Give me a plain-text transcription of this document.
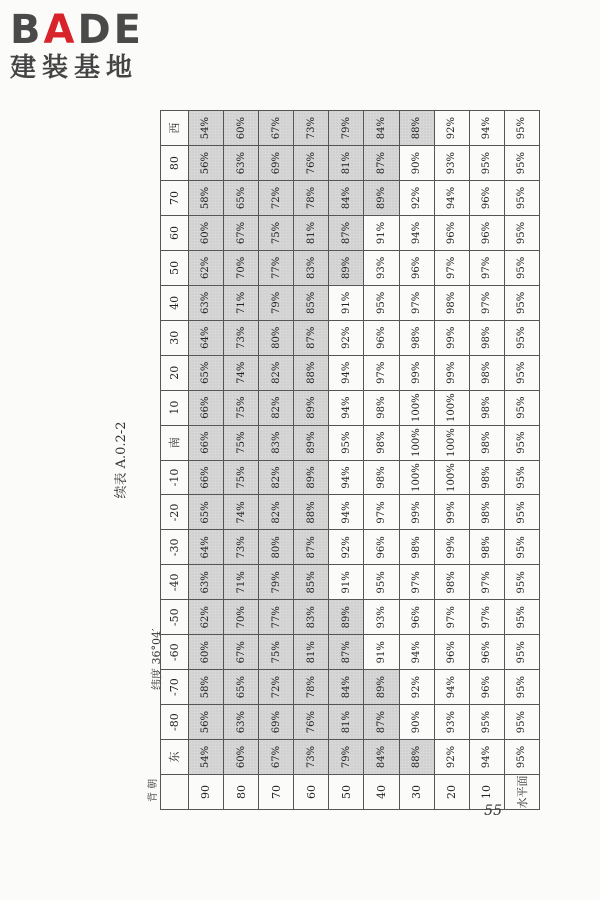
BADE
建装基地
续表 A.0.2-2
背 朝
纬度 36°04′
	东	-80	-70	-60	-50	-40	-30	-20	-10	南	10	20	30	40	50	60	70	80	西
90	54%	56%	58%	60%	62%	63%	64%	65%	66%	66%	66%	65%	64%	63%	62%	60%	58%	56%	54%
80	60%	63%	65%	67%	70%	71%	73%	74%	75%	75%	75%	74%	73%	71%	70%	67%	65%	63%	60%
70	67%	69%	72%	75%	77%	79%	80%	82%	82%	83%	82%	82%	80%	79%	77%	75%	72%	69%	67%
60	73%	76%	78%	81%	83%	85%	87%	88%	89%	89%	89%	88%	87%	85%	83%	81%	78%	76%	73%
50	79%	81%	84%	87%	89%	91%	92%	94%	94%	95%	94%	94%	92%	91%	89%	87%	84%	81%	79%
40	84%	87%	89%	91%	93%	95%	96%	97%	98%	98%	98%	97%	96%	95%	93%	91%	89%	87%	84%
30	88%	90%	92%	94%	96%	97%	98%	99%	100%	100%	100%	99%	98%	97%	96%	94%	92%	90%	88%
20	92%	93%	94%	96%	97%	98%	99%	99%	100%	100%	100%	99%	99%	98%	97%	96%	94%	93%	92%
10	94%	95%	96%	96%	97%	97%	98%	98%	98%	98%	98%	98%	98%	97%	97%	96%	96%	95%	94%
水平面	95%	95%	95%	95%	95%	95%	95%	95%	95%	95%	95%	95%	95%	95%	95%	95%	95%	95%	95%
55
